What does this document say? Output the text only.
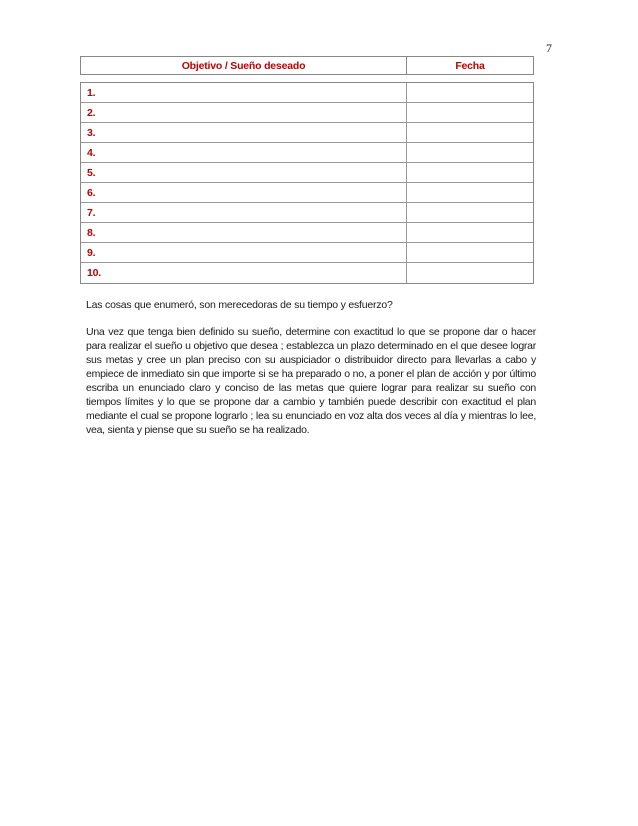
7
Objetivo / Sueño deseado	Fecha
1.
2.
3.
4.
5.
6.
7.
8.
9.
10.
Las cosas que enumeró, son merecedoras de su tiempo y esfuerzo?
Una vez que tenga bien definido su sueño, determine con exactitud lo que se propone dar o hacer para realizar el sueño u objetivo que desea ; establezca un plazo determinado en el que desee lograr sus metas y cree un plan preciso con su auspiciador o distribuidor directo para llevarlas a cabo y empiece de inmediato sin que importe si se ha preparado o no, a poner el plan de acción y por último escriba un enunciado claro y conciso de las metas que quiere lograr para realizar su sueño con tiempos límites y lo que se propone dar a cambio y también puede describir con exactitud el plan mediante el cual se propone lograrlo ; lea su enunciado en voz alta dos veces al día y mientras lo lee, vea, sienta y piense que su sueño se ha realizado.
